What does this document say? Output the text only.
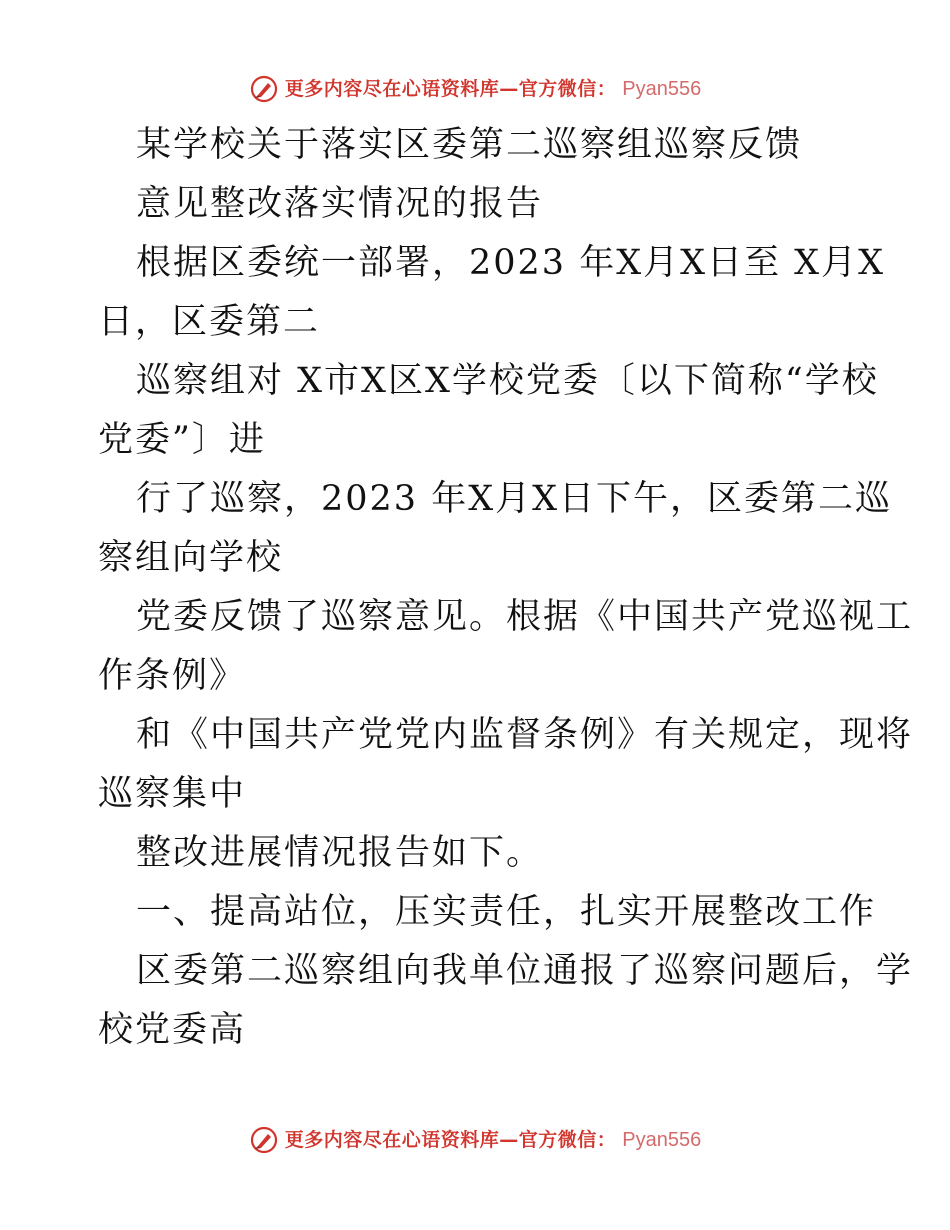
更多内容尽在心语资料库—官方微信： Pyan556
某学校关于落实区委第二巡察组巡察反馈
意见整改落实情况的报告
根据区委统一部署，2023 年X月X日至 X月X
日，区委第二
巡察组对 X市X区X学校党委〔以下简称“学校
党委”〕进
行了巡察，2023 年X月X日下午，区委第二巡
察组向学校
党委反馈了巡察意见。根据《中国共产党巡视工
作条例》
和《中国共产党党内监督条例》有关规定，现将
巡察集中
整改进展情况报告如下。
一、提高站位，压实责任，扎实开展整改工作
区委第二巡察组向我单位通报了巡察问题后，学
校党委高
更多内容尽在心语资料库—官方微信： Pyan556
